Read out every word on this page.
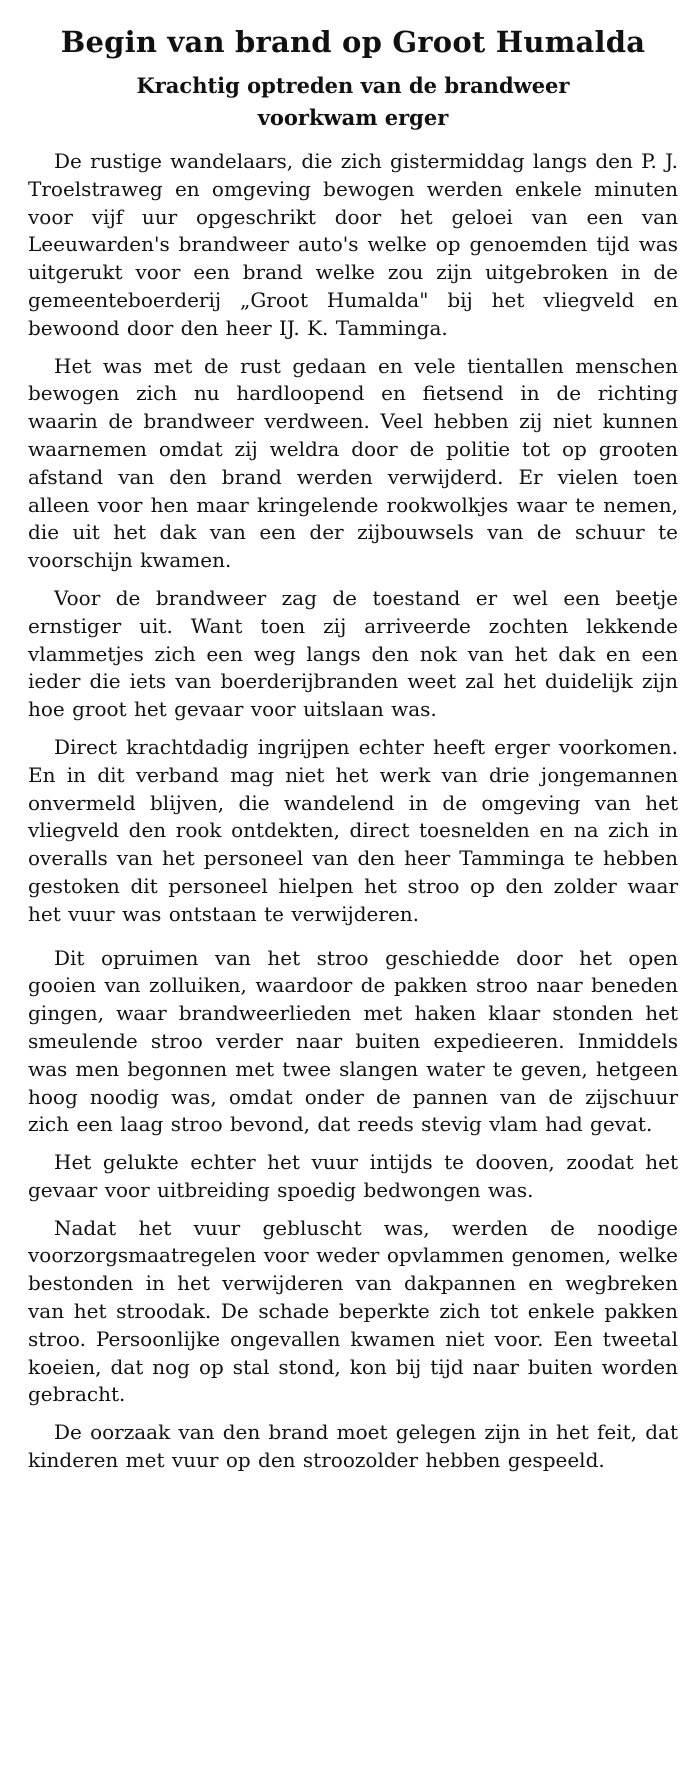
Begin van brand op Groot Humalda
Krachtig optreden van de brandweer
voorkwam erger

De rustige wandelaars, die zich gistermiddag langs den P. J. Troelstraweg en omgeving bewogen werden enkele minuten voor vijf uur opgeschrikt door het geloei van een van Leeuwarden's brandweer auto's welke op genoemden tijd was uitgerukt voor een brand welke zou zijn uitgebroken in de gemeenteboerderij „Groot Humalda" bij het vliegveld en bewoond door den heer IJ. K. Tamminga.

Het was met de rust gedaan en vele tientallen menschen bewogen zich nu hardloopend en fietsend in de richting waarin de brandweer verdween. Veel hebben zij niet kunnen waarnemen omdat zij weldra door de politie tot op grooten afstand van den brand werden verwijderd. Er vielen toen alleen voor hen maar kringelende rookwolkjes waar te nemen, die uit het dak van een der zijbouwsels van de schuur te voorschijn kwamen.

Voor de brandweer zag de toestand er wel een beetje ernstiger uit. Want toen zij arriveerde zochten lekkende vlammetjes zich een weg langs den nok van het dak en een ieder die iets van boerderijbranden weet zal het duidelijk zijn hoe groot het gevaar voor uitslaan was.

Direct krachtdadig ingrijpen echter heeft erger voorkomen. En in dit verband mag niet het werk van drie jongemannen onvermeld blijven, die wandelend in de omgeving van het vliegveld den rook ontdekten, direct toesnelden en na zich in overalls van het personeel van den heer Tamminga te hebben gestoken dit personeel hielpen het stroo op den zolder waar het vuur was ontstaan te verwijderen.

Dit opruimen van het stroo geschiedde door het open gooien van zolluiken, waardoor de pakken stroo naar beneden gingen, waar brandweerlieden met haken klaar stonden het smeulende stroo verder naar buiten expedieeren. Inmiddels was men begonnen met twee slangen water te geven, hetgeen hoog noodig was, omdat onder de pannen van de zijschuur zich een laag stroo bevond, dat reeds stevig vlam had gevat.

Het gelukte echter het vuur intijds te dooven, zoodat het gevaar voor uitbreiding spoedig bedwongen was.

Nadat het vuur gebluscht was, werden de noodige voorzorgsmaatregelen voor weder opvlammen genomen, welke bestonden in het verwijderen van dakpannen en wegbreken van het stroodak. De schade beperkte zich tot enkele pakken stroo. Persoonlijke ongevallen kwamen niet voor. Een tweetal koeien, dat nog op stal stond, kon bij tijd naar buiten worden gebracht.

De oorzaak van den brand moet gelegen zijn in het feit, dat kinderen met vuur op den stroozolder hebben gespeeld.
